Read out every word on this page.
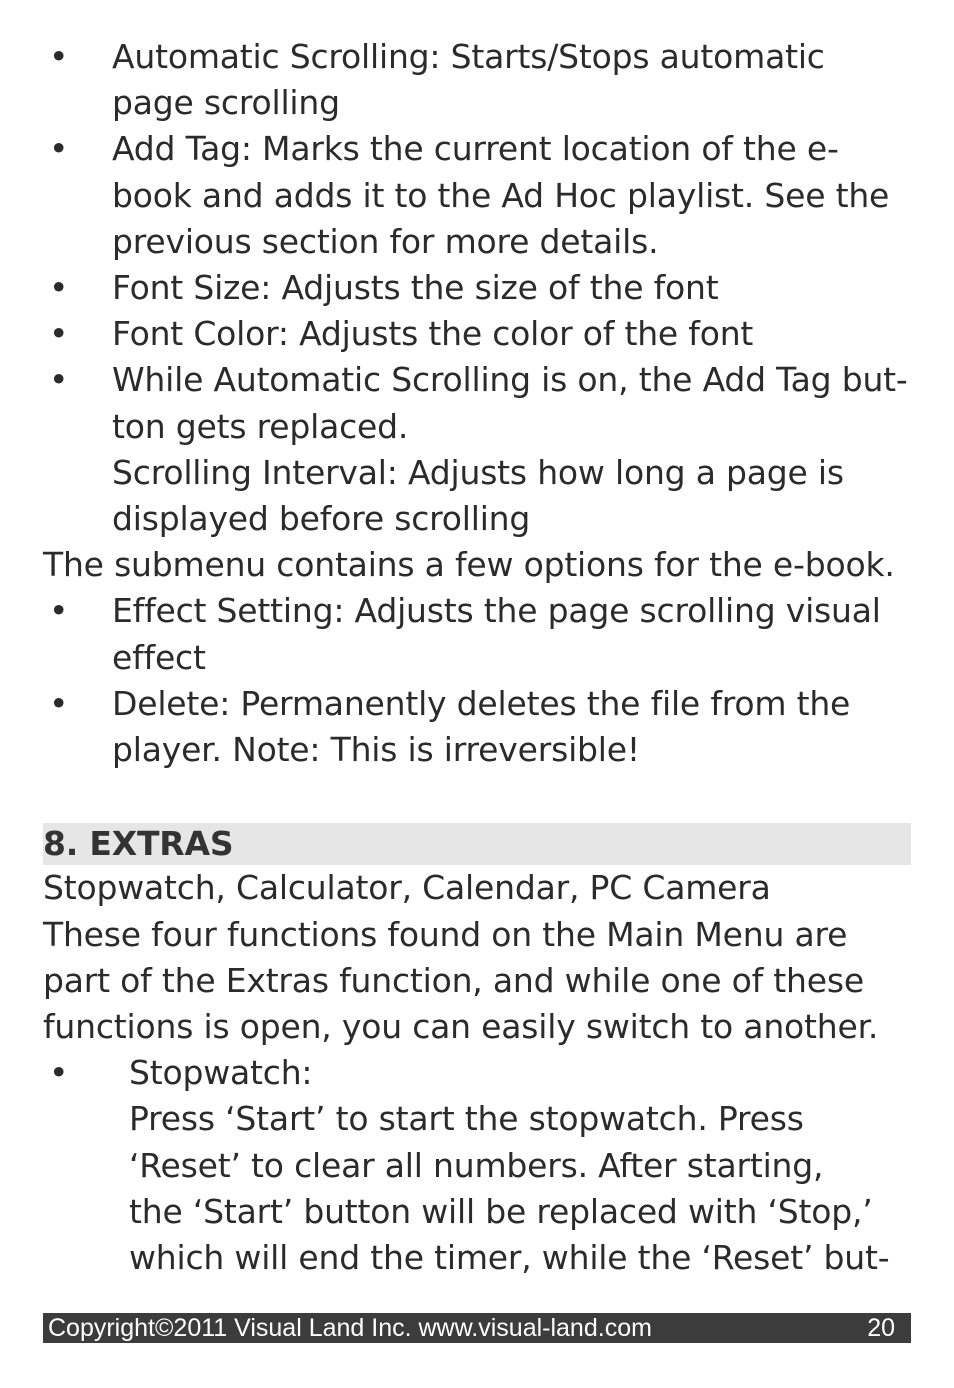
•	Automatic Scrolling: Starts/Stops automatic
page scrolling
•	Add Tag: Marks the current location of the e-
book and adds it to the Ad Hoc playlist. See the
previous section for more details.
•	Font Size: Adjusts the size of the font
•	Font Color: Adjusts the color of the font
•	While Automatic Scrolling is on, the Add Tag but-
ton gets replaced.
Scrolling Interval: Adjusts how long a page is
displayed before scrolling
The submenu contains a few options for the e-book.
•	Effect Setting: Adjusts the page scrolling visual
effect
•	Delete: Permanently deletes the file from the
player. Note: This is irreversible!
8. EXTRAS
Stopwatch, Calculator, Calendar, PC Camera
These four functions found on the Main Menu are
part of the Extras function, and while one of these
functions is open, you can easily switch to another.
•	Stopwatch:
Press ‘Start’ to start the stopwatch. Press
‘Reset’ to clear all numbers. After starting,
the ‘Start’ button will be replaced with ‘Stop,’
which will end the timer, while the ‘Reset’ but-
Copyright©2011 Visual Land Inc. www.visual-land.com	20
